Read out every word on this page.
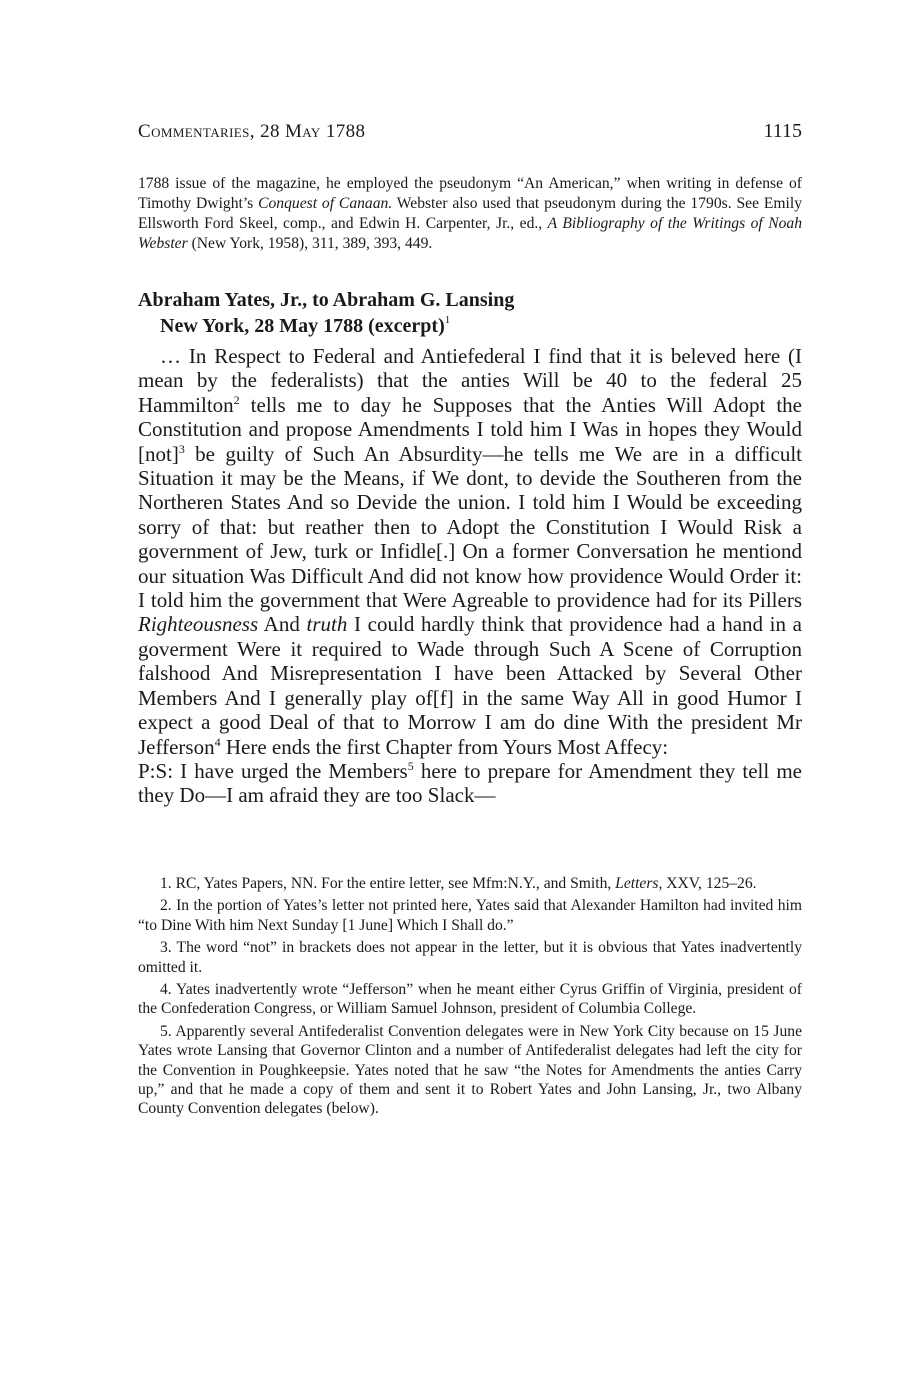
Commentaries, 28 May 1788	1115

1788 issue of the magazine, he employed the pseudonym “An American,” when writing in defense of Timothy Dwight’s Conquest of Canaan. Webster also used that pseudonym during the 1790s. See Emily Ellsworth Ford Skeel, comp., and Edwin H. Carpenter, Jr., ed., A Bibliography of the Writings of Noah Webster (New York, 1958), 311, 389, 393, 449.

Abraham Yates, Jr., to Abraham G. Lansing
New York, 28 May 1788 (excerpt)$^1$

… In Respect to Federal and Antiefederal I find that it is beleved here (I mean by the federalists) that the anties Will be 40 to the federal 25 Hammilton$^2$ tells me to day he Supposes that the Anties Will Adopt the Constitution and propose Amendments I told him I Was in hopes they Would [not]$^3$ be guilty of Such An Absurdity—he tells me We are in a difficult Situation it may be the Means, if We dont, to devide the Southeren from the Northeren States And so Devide the union. I told him I Would be exceeding sorry of that: but reather then to Adopt the Constitution I Would Risk a government of Jew, turk or Infidle[.] On a former Conversation he mentiond our situation Was Difficult And did not know how providence Would Order it: I told him the government that Were Agreable to providence had for its Pillers Righteousness And truth I could hardly think that providence had a hand in a goverment Were it required to Wade through Such A Scene of Corruption falshood And Misrepresentation I have been Attacked by Several Other Members And I generally play of[f] in the same Way All in good Humor I expect a good Deal of that to Morrow I am do dine With the president Mr Jefferson$^4$ Here ends the first Chapter from Yours Most Affecy:

P:S: I have urged the Members$^5$ here to prepare for Amendment they tell me they Do—I am afraid they are too Slack—

1. RC, Yates Papers, NN. For the entire letter, see Mfm:N.Y., and Smith, Letters, XXV, 125–26.

2. In the portion of Yates’s letter not printed here, Yates said that Alexander Hamilton had invited him “to Dine With him Next Sunday [1 June] Which I Shall do.”

3. The word “not” in brackets does not appear in the letter, but it is obvious that Yates inadvertently omitted it.

4. Yates inadvertently wrote “Jefferson” when he meant either Cyrus Griffin of Virginia, president of the Confederation Congress, or William Samuel Johnson, president of Columbia College.

5. Apparently several Antifederalist Convention delegates were in New York City because on 15 June Yates wrote Lansing that Governor Clinton and a number of Antifederalist delegates had left the city for the Convention in Poughkeepsie. Yates noted that he saw “the Notes for Amendments the anties Carry up,” and that he made a copy of them and sent it to Robert Yates and John Lansing, Jr., two Albany County Convention delegates (below).
